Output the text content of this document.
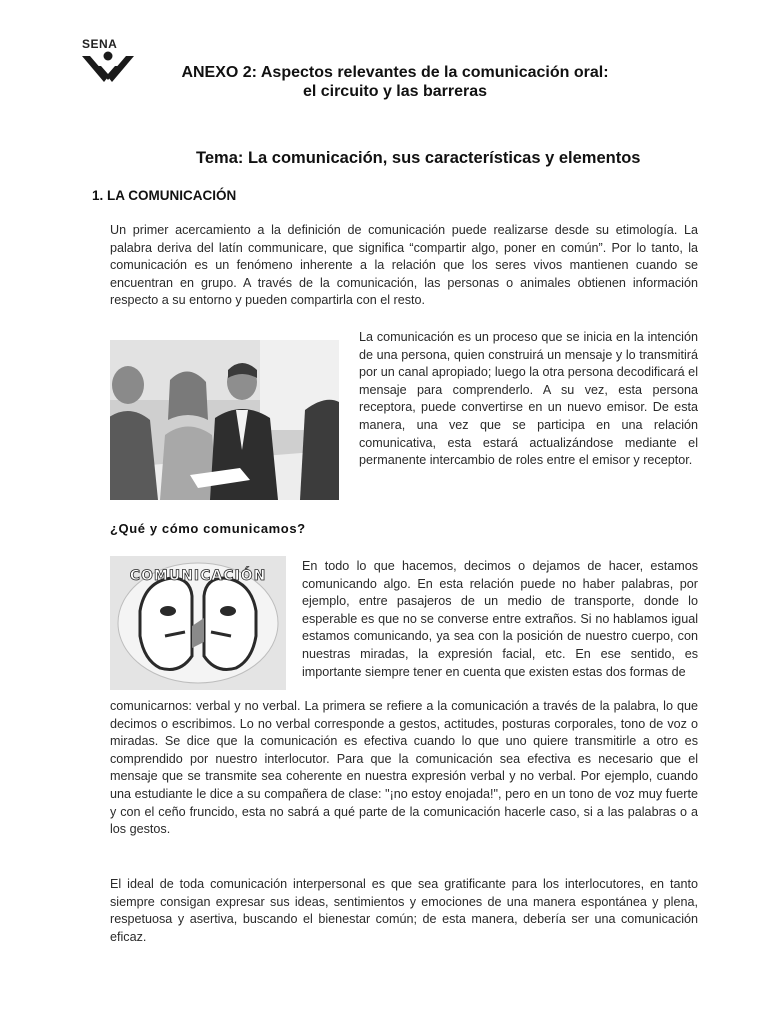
SENA
ANEXO 2: Aspectos relevantes de la comunicación oral:
el circuito y las barreras
Tema: La comunicación, sus características y elementos
1. LA COMUNICACIÓN
Un primer acercamiento a la definición de comunicación puede realizarse desde su etimología. La palabra deriva del latín communicare, que significa “compartir algo, poner en común”. Por lo tanto, la comunicación es un fenómeno inherente a la relación que los seres vivos mantienen cuando se encuentran en grupo. A través de la comunicación, las personas o animales obtienen información respecto a su entorno y pueden compartirla con el resto.
La comunicación es un proceso que se inicia en la intención de una persona, quien construirá un mensaje y lo transmitirá por un canal apropiado; luego la otra persona decodificará el mensaje para comprenderlo. A su vez, esta persona receptora, puede convertirse en un nuevo emisor. De esta manera, una vez que se participa en una relación comunicativa, esta estará actualizándose mediante el permanente intercambio de roles entre el emisor y receptor.
¿Qué y cómo comunicamos?
COMUNICACIÓN
En todo lo que hacemos, decimos o dejamos de hacer, estamos comunicando algo. En esta relación puede no haber palabras, por ejemplo, entre pasajeros de un medio de transporte, donde lo esperable es que no se converse entre extraños. Si no hablamos igual estamos comunicando, ya sea con la posición de nuestro cuerpo, con nuestras miradas, la expresión facial, etc. En ese sentido, es importante siempre tener en cuenta que existen estas dos formas de
comunicarnos: verbal y no verbal. La primera se refiere a la comunicación a través de la palabra, lo que decimos o escribimos. Lo no verbal corresponde a gestos, actitudes, posturas corporales, tono de voz o miradas. Se dice que la comunicación es efectiva cuando lo que uno quiere transmitirle a otro es comprendido por nuestro interlocutor. Para que la comunicación sea efectiva es necesario que el mensaje que se transmite sea coherente en nuestra expresión verbal y no verbal. Por ejemplo, cuando una estudiante le dice a su compañera de clase: "¡no estoy enojada!", pero en un tono de voz muy fuerte y con el ceño fruncido, esta no sabrá a qué parte de la comunicación hacerle caso, si a las palabras o a los gestos.
El ideal de toda comunicación interpersonal es que sea gratificante para los interlocutores, en tanto siempre consigan expresar sus ideas, sentimientos y emociones de una manera espontánea y plena, respetuosa y asertiva, buscando el bienestar común; de esta manera, debería ser una comunicación eficaz.
